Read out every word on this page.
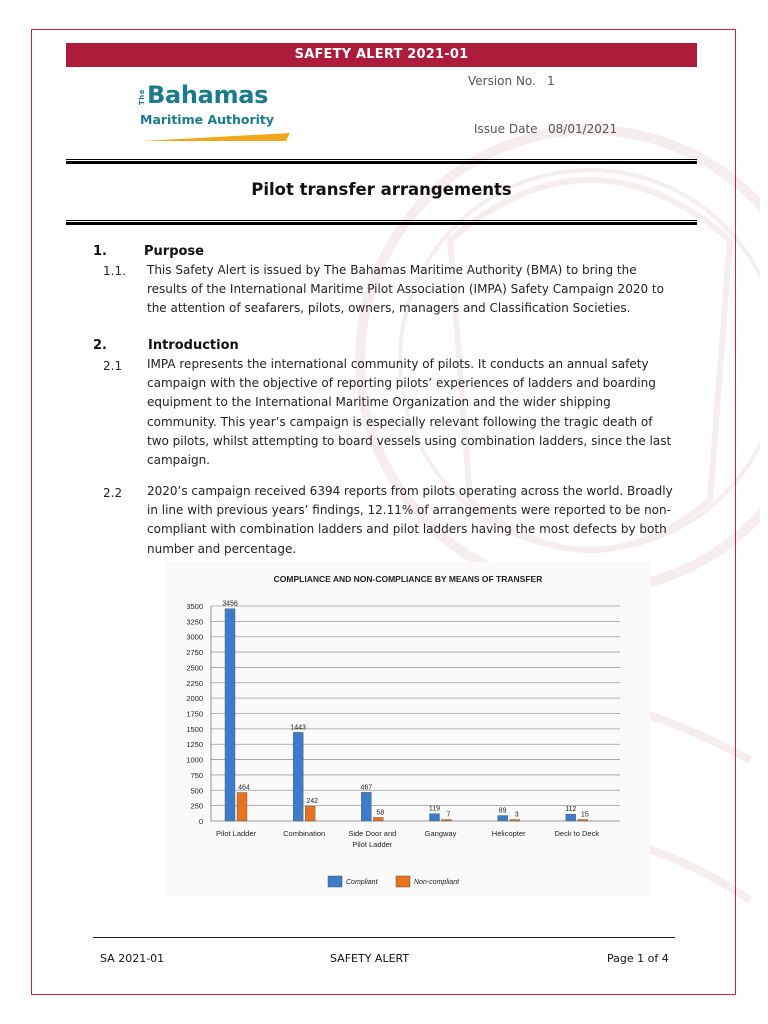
SAFETY ALERT 2021-01
The Bahamas
Maritime Authority
Version No. 1
Issue Date 08/01/2021
Pilot transfer arrangements
1.	Purpose
1.1. This Safety Alert is issued by The Bahamas Maritime Authority (BMA) to bring the
results of the International Maritime Pilot Association (IMPA) Safety Campaign 2020 to
the attention of seafarers, pilots, owners, managers and Classification Societies.
2.	Introduction
2.1 IMPA represents the international community of pilots. It conducts an annual safety
campaign with the objective of reporting pilots’ experiences of ladders and boarding
equipment to the International Maritime Organization and the wider shipping
community. This year’s campaign is especially relevant following the tragic death of
two pilots, whilst attempting to board vessels using combination ladders, since the last
campaign.
2.2 2020’s campaign received 6394 reports from pilots operating across the world. Broadly
in line with previous years’ findings, 12.11% of arrangements were reported to be non-
compliant with combination ladders and pilot ladders having the most defects by both
number and percentage.
COMPLIANCE AND NON-COMPLIANCE BY MEANS OF TRANSFER
0
250
500
750
1000
1250
1500
1750
2000
2250
2500
2750
3000
3250
3500	3456
464
Pilot Ladder
1443
242
Combination
467
58
Side Door and
Pilot Ladder
119
7
Gangway
89
3
Helicopter
112
15
Deck to Deck
Compliant	Non-compliant
SA 2021-01	SAFETY ALERT	Page 1 of 4
